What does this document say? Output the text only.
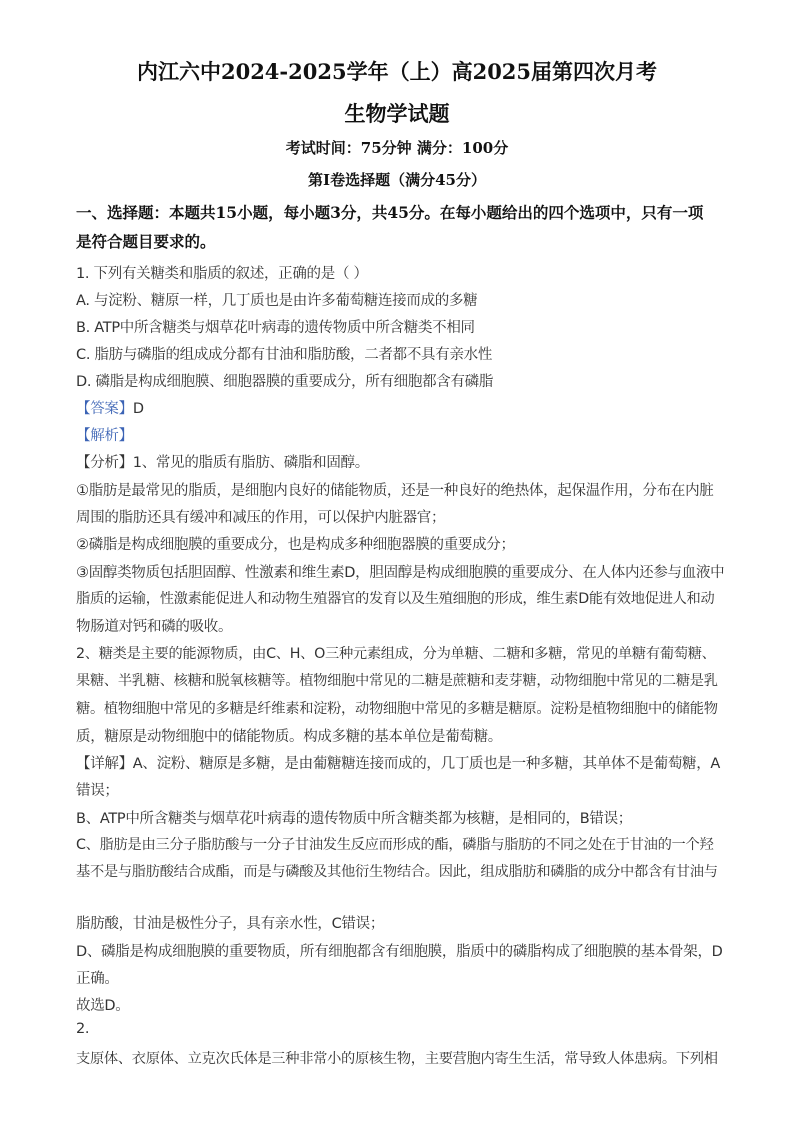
内江六中2024-2025学年（上）高2025届第四次月考
生物学试题
考试时间：75分钟 满分：100分
第Ⅰ卷选择题（满分45分）
一、选择题：本题共15小题，每小题3分，共45分。在每小题给出的四个选项中，只有一项
是符合题目要求的。
1. 下列有关糖类和脂质的叙述，正确的是（ ）
A. 与淀粉、糖原一样，几丁质也是由许多葡萄糖连接而成的多糖
B. ATP中所含糖类与烟草花叶病毒的遗传物质中所含糖类不相同
C. 脂肪与磷脂的组成成分都有甘油和脂肪酸，二者都不具有亲水性
D. 磷脂是构成细胞膜、细胞器膜的重要成分，所有细胞都含有磷脂
【答案】D
【解析】
【分析】1、常见的脂质有脂肪、磷脂和固醇。
①脂肪是最常见的脂质，是细胞内良好的储能物质，还是一种良好的绝热体，起保温作用，分布在内脏
周围的脂肪还具有缓冲和减压的作用，可以保护内脏器官；
②磷脂是构成细胞膜的重要成分，也是构成多种细胞器膜的重要成分；
③固醇类物质包括胆固醇、性激素和维生素D，胆固醇是构成细胞膜的重要成分、在人体内还参与血液中
脂质的运输，性激素能促进人和动物生殖器官的发育以及生殖细胞的形成，维生素D能有效地促进人和动
物肠道对钙和磷的吸收。
2、糖类是主要的能源物质，由C、H、O三种元素组成，分为单糖、二糖和多糖，常见的单糖有葡萄糖、
果糖、半乳糖、核糖和脱氧核糖等。植物细胞中常见的二糖是蔗糖和麦芽糖，动物细胞中常见的二糖是乳
糖。植物细胞中常见的多糖是纤维素和淀粉，动物细胞中常见的多糖是糖原。淀粉是植物细胞中的储能物
质，糖原是动物细胞中的储能物质。构成多糖的基本单位是葡萄糖。
【详解】A、淀粉、糖原是多糖，是由葡糖糖连接而成的，几丁质也是一种多糖，其单体不是葡萄糖，A
错误；
B、ATP中所含糖类与烟草花叶病毒的遗传物质中所含糖类都为核糖，是相同的，B错误；
C、脂肪是由三分子脂肪酸与一分子甘油发生反应而形成的酯，磷脂与脂肪的不同之处在于甘油的一个羟
基不是与脂肪酸结合成酯，而是与磷酸及其他衍生物结合。因此，组成脂肪和磷脂的成分中都含有甘油与
脂肪酸，甘油是极性分子，具有亲水性，C错误；
D、磷脂是构成细胞膜的重要物质，所有细胞都含有细胞膜，脂质中的磷脂构成了细胞膜的基本骨架，D
正确。
故选D。
2.
支原体、衣原体、立克次氏体是三种非常小的原核生物，主要营胞内寄生生活，常导致人体患病。下列相
